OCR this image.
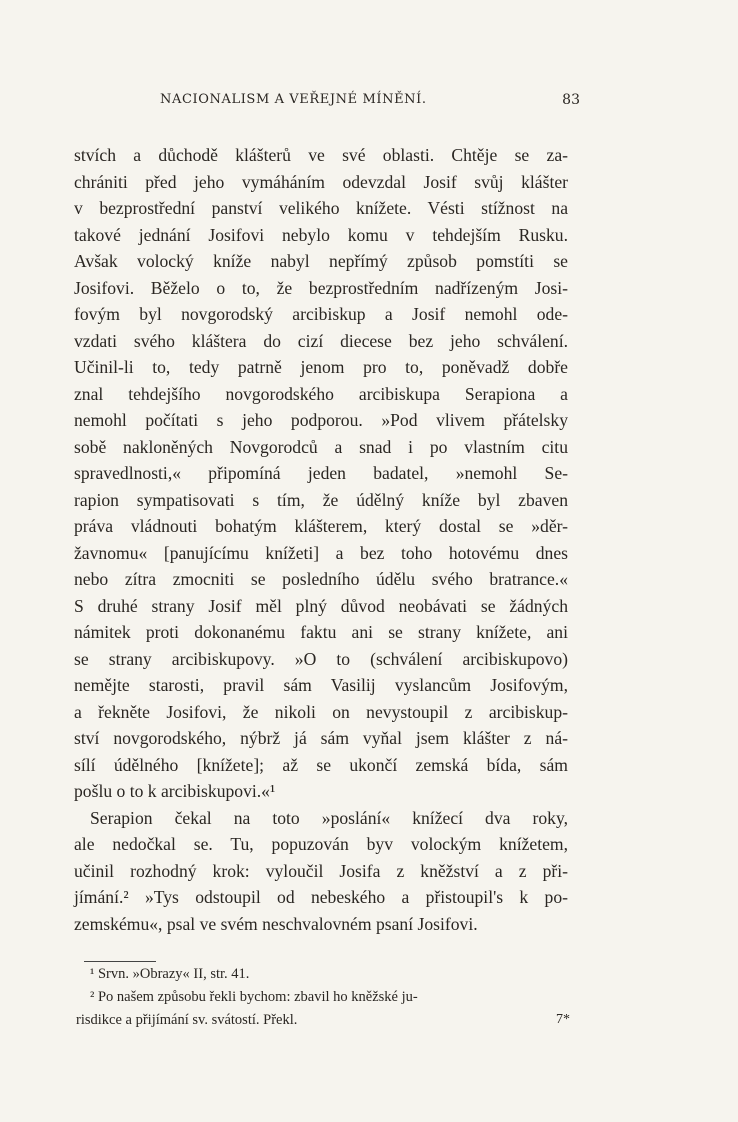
NACIONALISM A VEŘEJNÉ MÍNĚNÍ.	83
stvích a důchodě klášterů ve své oblasti. Chtěje se za-
chrániti před jeho vymáháním odevzdal Josif svůj klášter
v bezprostřední panství velikého knížete. Vésti stížnost na
takové jednání Josifovi nebylo komu v tehdejším Rusku.
Avšak volocký kníže nabyl nepřímý způsob pomstíti se
Josifovi. Běželo o to, že bezprostředním nadřízeným Josi-
fovým byl novgorodský arcibiskup a Josif nemohl ode-
vzdati svého kláštera do cizí diecese bez jeho schválení.
Učinil-li to, tedy patrně jenom pro to, poněvadž dobře
znal tehdejšího novgorodského arcibiskupa Serapiona a
nemohl počítati s jeho podporou. »Pod vlivem přátelsky
sobě nakloněných Novgorodců a snad i po vlastním citu
spravedlnosti,« připomíná jeden badatel, »nemohl Se-
rapion sympatisovati s tím, že údělný kníže byl zbaven
práva vládnouti bohatým klášterem, který dostal se »děr-
žavnomu« [panujícímu knížeti] a bez toho hotovému dnes
nebo zítra zmocniti se posledního údělu svého bratrance.«
S druhé strany Josif měl plný důvod neobávati se žádných
námitek proti dokonanému faktu ani se strany knížete, ani
se strany arcibiskupovy. »O to (schválení arcibiskupovo)
nemějte starosti, pravil sám Vasilij vyslancům Josifovým,
a řekněte Josifovi, že nikoli on nevystoupil z arcibiskup-
ství novgorodského, nýbrž já sám vyňal jsem klášter z ná-
sílí údělného [knížete]; až se ukončí zemská bída, sám
pošlu o to k arcibiskupovi.«¹
Serapion čekal na toto »poslání« knížecí dva roky,
ale nedočkal se. Tu, popuzován byv volockým knížetem,
učinil rozhodný krok: vyloučil Josifa z kněžství a z při-
jímání.² »Tys odstoupil od nebeského a přistoupil's k po-
zemskému«, psal ve svém neschvalovném psaní Josifovi.
¹ Srvn. »Obrazy« II, str. 41.
² Po našem způsobu řekli bychom: zbavil ho kněžské ju-
risdikce a přijímání sv. svátostí. Překl.	7*
